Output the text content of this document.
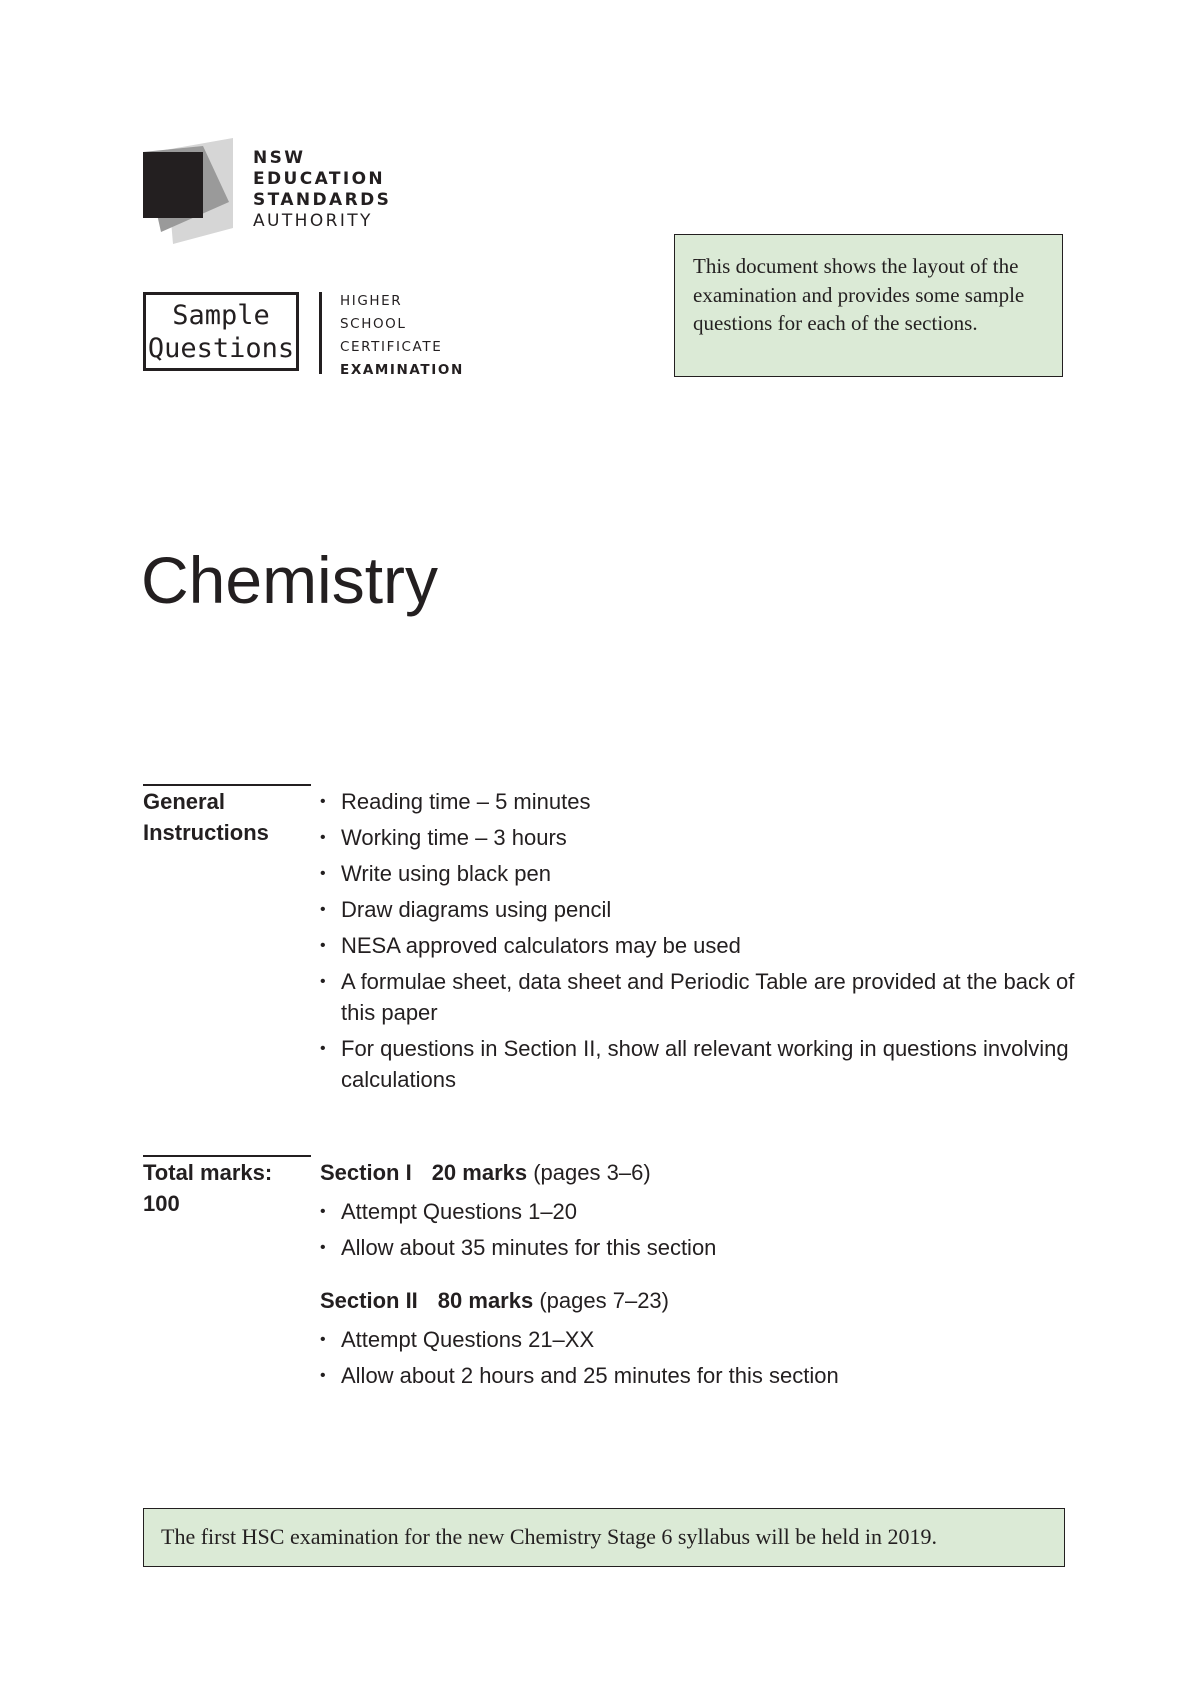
NSW
EDUCATION
STANDARDS
AUTHORITY
Sample
Questions
HIGHER
SCHOOL
CERTIFICATE
EXAMINATION
This document shows the layout of the examination and provides some sample questions for each of the sections.
Chemistry
General
Instructions
• Reading time – 5 minutes
• Working time – 3 hours
• Write using black pen
• Draw diagrams using pencil
• NESA approved calculators may be used
• A formulae sheet, data sheet and Periodic Table are provided at the back of this paper
• For questions in Section II, show all relevant working in questions involving calculations
Total marks:
100
Section I 20 marks (pages 3–6)
• Attempt Questions 1–20
• Allow about 35 minutes for this section
Section II 80 marks (pages 7–23)
• Attempt Questions 21–XX
• Allow about 2 hours and 25 minutes for this section
The first HSC examination for the new Chemistry Stage 6 syllabus will be held in 2019.
